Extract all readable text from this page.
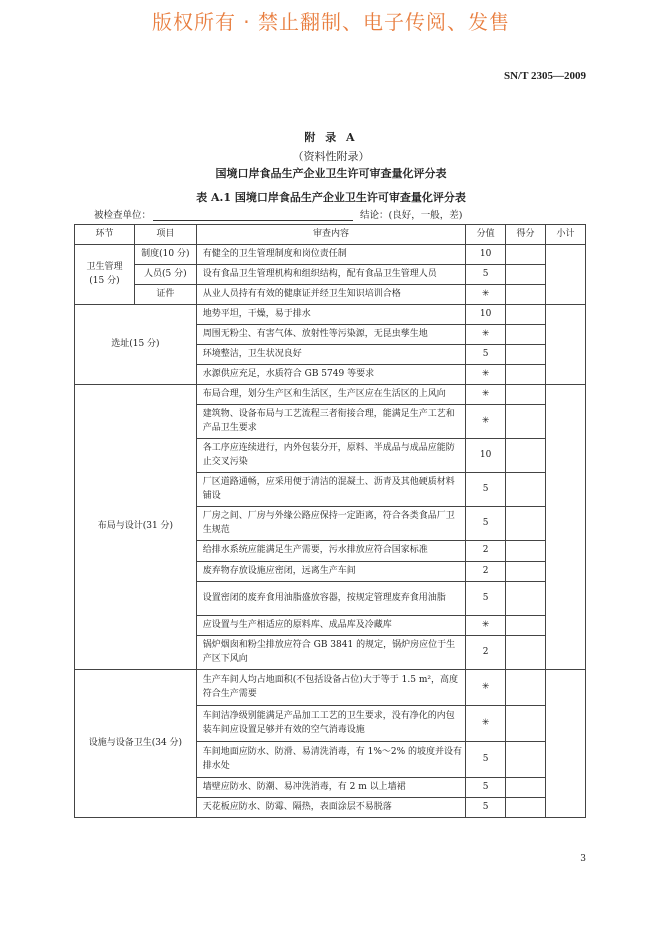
版权所有 · 禁止翻制、电子传阅、发售
SN/T 2305—2009
附 录 A
（资料性附录）
国境口岸食品生产企业卫生许可审查量化评分表
表 A.1 国境口岸食品生产企业卫生许可审查量化评分表
被检查单位：	结论：(良好，一般，差)
环节	项目	审查内容	分值	得分	小计
卫生管理
(15 分)	制度(10 分)	有健全的卫生管理制度和岗位责任制	10		
	人员(5 分)	设有食品卫生管理机构和组织结构，配有食品卫生管理人员	5		
	证件	从业人员持有有效的健康证并经卫生知识培训合格	✳		
选址(15 分)		地势平坦，干燥，易于排水	10		
		周围无粉尘、有害气体、放射性等污染源，无昆虫孳生地	✳		
		环境整洁，卫生状况良好	5		
		水源供应充足，水质符合 GB 5749 等要求	✳		
布局与设计(31 分)		布局合理，划分生产区和生活区，生产区应在生活区的上风向	✳		
		建筑物、设备布局与工艺流程三者衔接合理，能满足生产工艺和产品卫生要求	✳		
		各工序应连续进行，内外包装分开，原料、半成品与成品应能防止交叉污染	10		
		厂区道路通畅，应采用便于清洁的混凝土、沥青及其他硬质材料铺设	5		
		厂房之间、厂房与外缘公路应保持一定距离，符合各类食品厂卫生规范	5		
		给排水系统应能满足生产需要，污水排放应符合国家标准	2		
		废弃物存放设施应密闭，远离生产车间	2		
		设置密闭的废弃食用油脂盛放容器，按规定管理废弃食用油脂	5		
		应设置与生产相适应的原料库、成品库及冷藏库	✳		
		锅炉烟囱和粉尘排放应符合 GB 3841 的规定，锅炉房应位于生产区下风向	2		
设施与设备卫生(34 分)		生产车间人均占地面积(不包括设备占位)大于等于 1.5 m²，高度符合生产需要	✳		
		车间洁净级别能满足产品加工工艺的卫生要求，没有净化的内包装车间应设置足够并有效的空气消毒设施	✳		
		车间地面应防水、防滑、易清洗消毒，有 1%～2% 的坡度并设有排水处	5		
		墙壁应防水、防潮、易冲洗消毒，有 2 m 以上墙裙	5		
		天花板应防水、防霉、隔热，表面涂层不易脱落	5		
3
